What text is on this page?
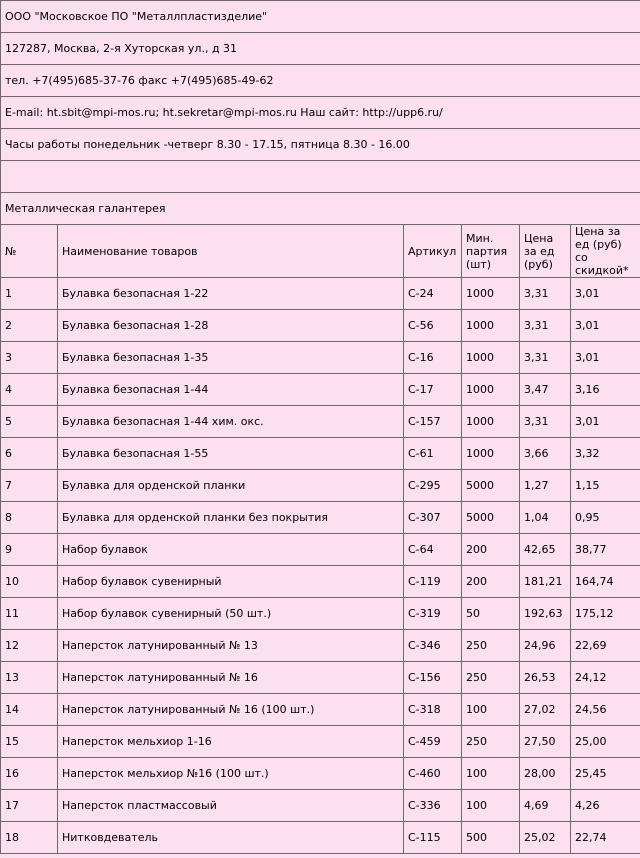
ООО "Московское ПО "Металлпластизделие"					
127287, Москва, 2-я Хуторская ул., д 31					
тел. +7(495)685-37-76 факс +7(495)685-49-62					
E-mail: ht.sbit@mpi-mos.ru; ht.sekretar@mpi-mos.ru Наш сайт: http://upp6.ru/					
Часы работы понедельник -четверг 8.30 - 17.15, пятница 8.30 - 16.00					

Металлическая галантерея					
№	Наименование товаров	Артикул	Мин. партия (шт)	Цена за ед (руб)	Цена за ед (руб) со скидкой*
1	Булавка безопасная 1-22	С-24	1000	3,31	3,01
2	Булавка безопасная 1-28	С-56	1000	3,31	3,01
3	Булавка безопасная 1-35	С-16	1000	3,31	3,01
4	Булавка безопасная 1-44	С-17	1000	3,47	3,16
5	Булавка безопасная 1-44 хим. окс.	С-157	1000	3,31	3,01
6	Булавка безопасная 1-55	С-61	1000	3,66	3,32
7	Булавка для орденской планки	С-295	5000	1,27	1,15
8	Булавка для орденской планки без покрытия	С-307	5000	1,04	0,95
9	Набор булавок	С-64	200	42,65	38,77
10	Набор булавок сувенирный	С-119	200	181,21	164,74
11	Набор булавок сувенирный (50 шт.)	С-319	50	192,63	175,12
12	Наперсток латунированный № 13	С-346	250	24,96	22,69
13	Наперсток латунированный № 16	С-156	250	26,53	24,12
14	Наперсток латунированный № 16 (100 шт.)	С-318	100	27,02	24,56
15	Наперсток мельхиор 1-16	С-459	250	27,50	25,00
16	Наперсток мельхиор №16 (100 шт.)	С-460	100	28,00	25,45
17	Наперсток пластмассовый	С-336	100	4,69	4,26
18	Нитковдеватель	С-115	500	25,02	22,74
